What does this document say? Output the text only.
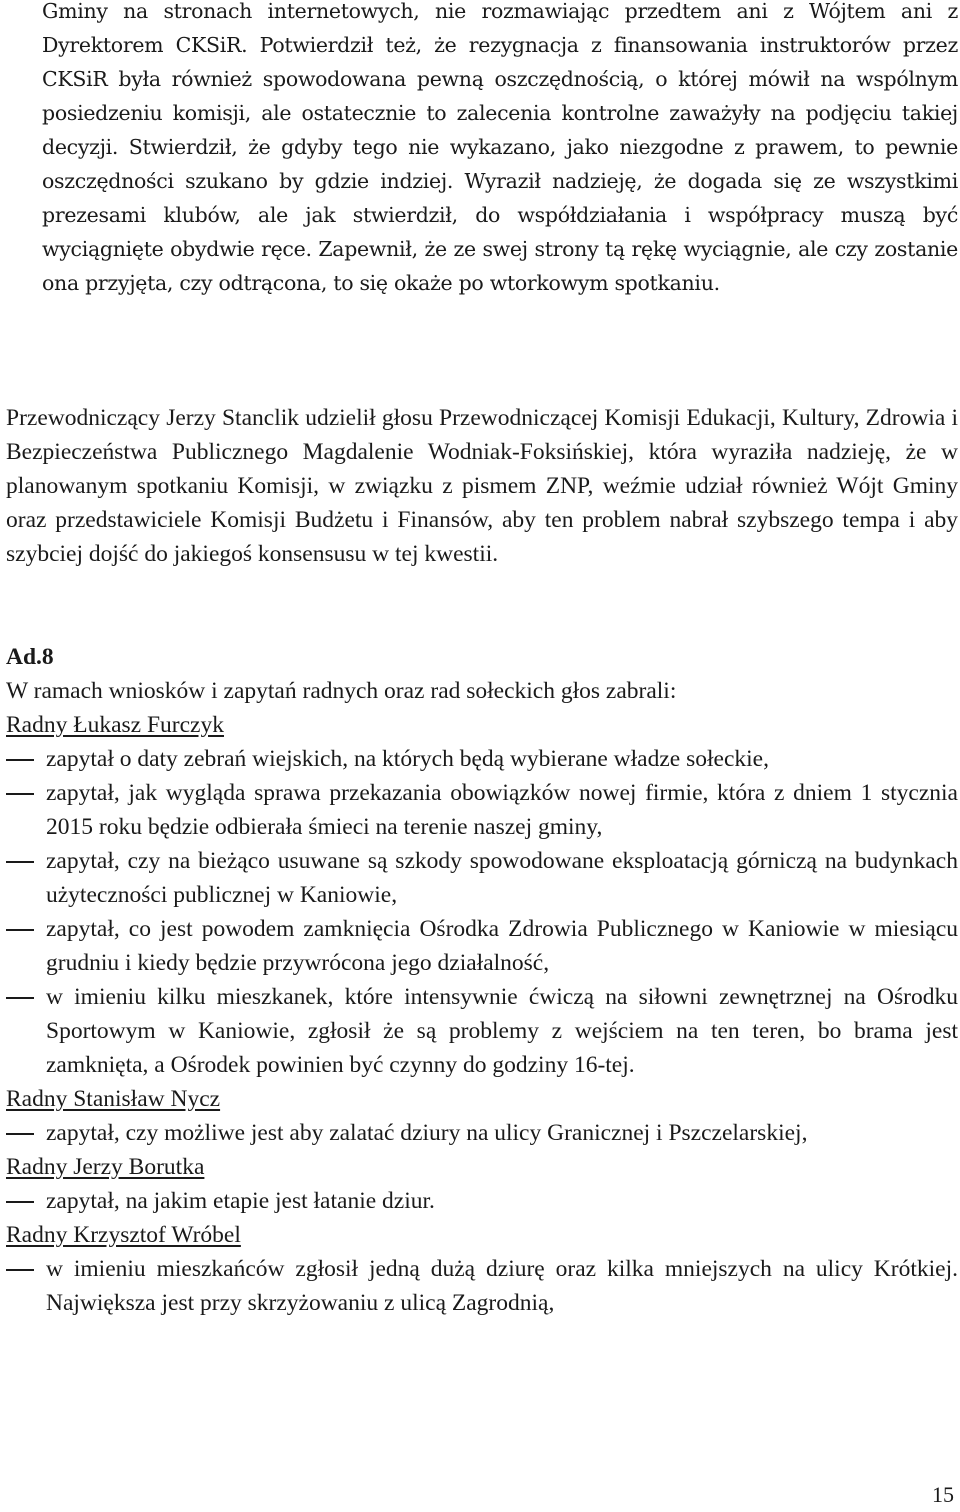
Gminy na stronach internetowych, nie rozmawiając przedtem ani z Wójtem ani z Dyrektorem CKSiR. Potwierdził też, że rezygnacja z finansowania instruktorów przez CKSiR była również spowodowana pewną oszczędnością, o której mówił na wspólnym posiedzeniu komisji, ale ostatecznie to zalecenia kontrolne zaważyły na podjęciu takiej decyzji. Stwierdził, że gdyby tego nie wykazano, jako niezgodne z prawem, to pewnie oszczędności szukano by gdzie indziej. Wyraził nadzieję, że dogada się ze wszystkimi prezesami klubów, ale jak stwierdził, do współdziałania i współpracy muszą być wyciągnięte obydwie ręce. Zapewnił, że ze swej strony tą rękę wyciągnie, ale czy zostanie ona przyjęta, czy odtrącona, to się okaże po wtorkowym spotkaniu.

Przewodniczący Jerzy Stanclik udzielił głosu Przewodniczącej Komisji Edukacji, Kultury, Zdrowia i Bezpieczeństwa Publicznego Magdalenie Wodniak-Foksińskiej, która wyraziła nadzieję, że w planowanym spotkaniu Komisji, w związku z pismem ZNP, weźmie udział również Wójt Gminy oraz przedstawiciele Komisji Budżetu i Finansów, aby ten problem nabrał szybszego tempa i aby szybciej dojść do jakiegoś konsensusu w tej kwestii.

Ad.8
W ramach wniosków i zapytań radnych oraz rad sołeckich głos zabrali:
Radny Łukasz Furczyk
zapytał o daty zebrań wiejskich, na których będą wybierane władze sołeckie,
zapytał, jak wygląda sprawa przekazania obowiązków nowej firmie, która z dniem 1 stycznia 2015 roku będzie odbierała śmieci na terenie naszej gminy,
zapytał, czy na bieżąco usuwane są szkody spowodowane eksploatacją górniczą na budynkach użyteczności publicznej w Kaniowie,
zapytał, co jest powodem zamknięcia Ośrodka Zdrowia Publicznego w Kaniowie w miesiącu grudniu i kiedy będzie przywrócona jego działalność,
w imieniu kilku mieszkanek, które intensywnie ćwiczą na siłowni zewnętrznej na Ośrodku Sportowym w Kaniowie, zgłosił że są problemy z wejściem na ten teren, bo brama jest zamknięta, a Ośrodek powinien być czynny do godziny 16-tej.
Radny Stanisław Nycz
zapytał, czy możliwe jest aby zalatać dziury na ulicy Granicznej i Pszczelarskiej,
Radny Jerzy Borutka
zapytał, na jakim etapie jest łatanie dziur.
Radny Krzysztof Wróbel
w imieniu mieszkańców zgłosił jedną dużą dziurę oraz kilka mniejszych na ulicy Krótkiej. Największa jest przy skrzyżowaniu z ulicą Zagrodnią,
15
